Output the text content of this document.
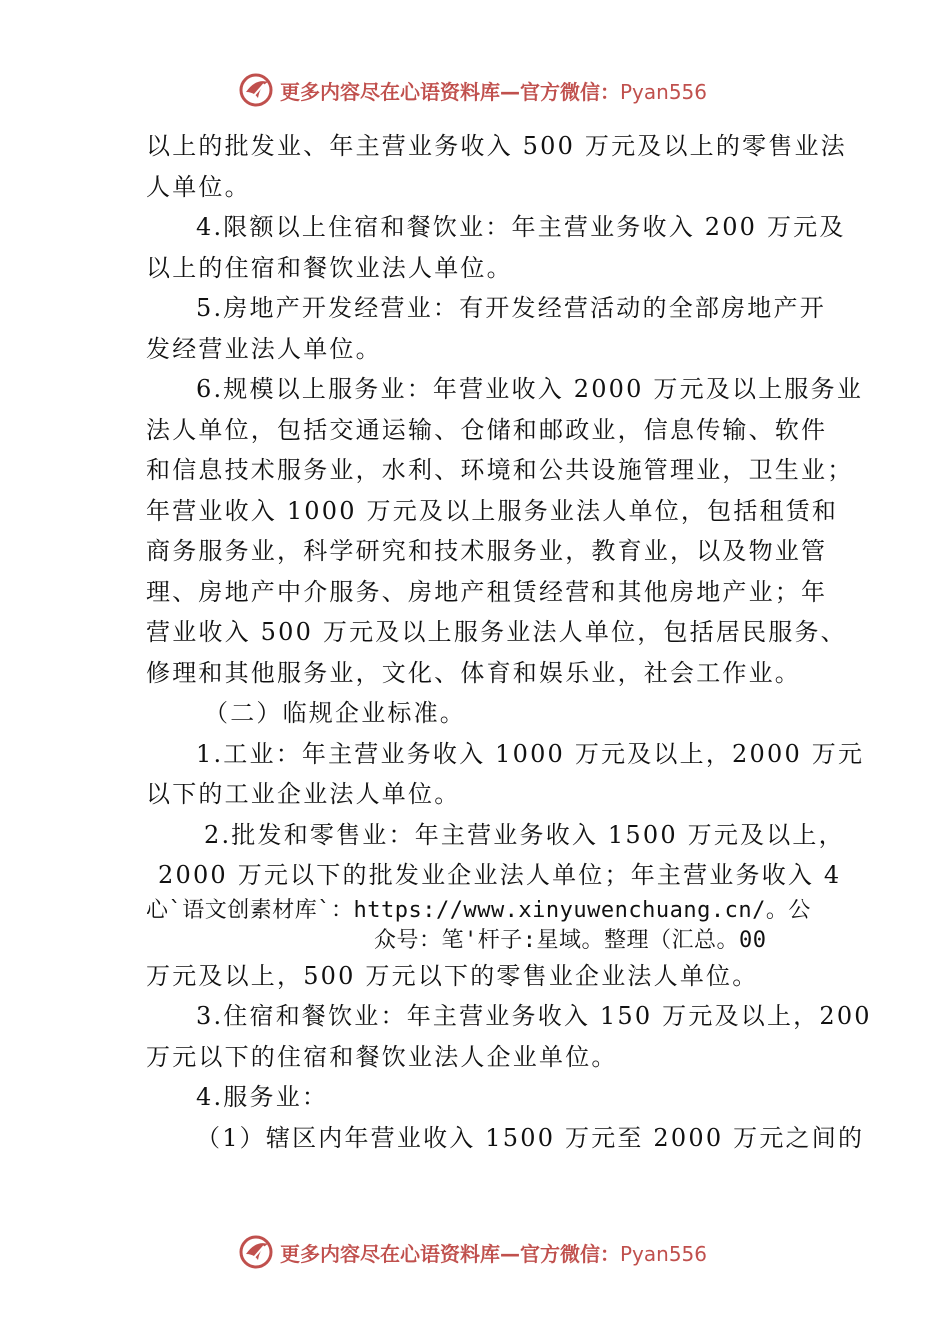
更多内容尽在心语资料库—官方微信：Pyan556

以上的批发业、年主营业务收入 500 万元及以上的零售业法

人单位。

4.限额以上住宿和餐饮业：年主营业务收入 200 万元及

以上的住宿和餐饮业法人单位。

5.房地产开发经营业：有开发经营活动的全部房地产开

发经营业法人单位。

6.规模以上服务业：年营业收入 2000 万元及以上服务业

法人单位，包括交通运输、仓储和邮政业，信息传输、软件

和信息技术服务业，水利、环境和公共设施管理业，卫生业；

年营业收入 1000 万元及以上服务业法人单位，包括租赁和

商务服务业，科学研究和技术服务业，教育业，以及物业管

理、房地产中介服务、房地产租赁经营和其他房地产业；年

营业收入 500 万元及以上服务业法人单位，包括居民服务、

修理和其他服务业，文化、体育和娱乐业，社会工作业。

（二）临规企业标准。

1.工业：年主营业务收入 1000 万元及以上，2000 万元

以下的工业企业法人单位。

2.批发和零售业：年主营业务收入 1500 万元及以上，

2000 万元以下的批发业企业法人单位；年主营业务收入 4

心`语文创素材库`：https://www.xinyuwenchuang.cn/。公
众号：笔'杆子:星域。整理（汇总。00

万元及以上，500 万元以下的零售业企业法人单位。

3.住宿和餐饮业：年主营业务收入 150 万元及以上，200

万元以下的住宿和餐饮业法人企业单位。

4.服务业：

（1）辖区内年营业收入 1500 万元至 2000 万元之间的

更多内容尽在心语资料库—官方微信：Pyan556
